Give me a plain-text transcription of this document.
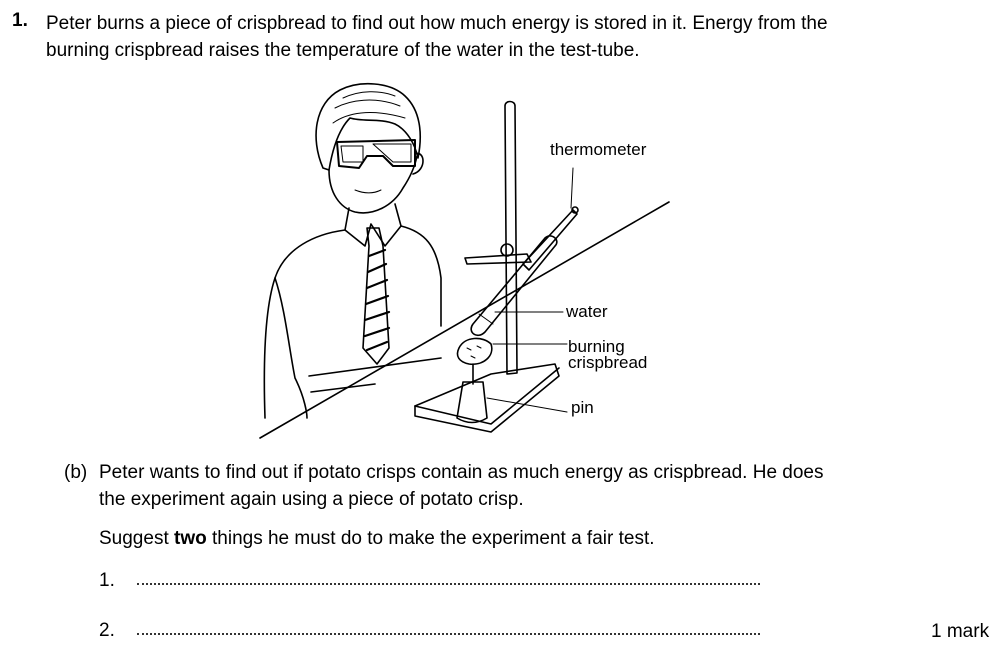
1. Peter burns a piece of crispbread to find out how much energy is stored in it. Energy from the
burning crispbread raises the temperature of the water in the test-tube.
thermometer
water
burning
crispbread
pin
(b) Peter wants to find out if potato crisps contain as much energy as crispbread. He does
the experiment again using a piece of potato crisp.
Suggest two things he must do to make the experiment a fair test.
1.
2.	1 mark
